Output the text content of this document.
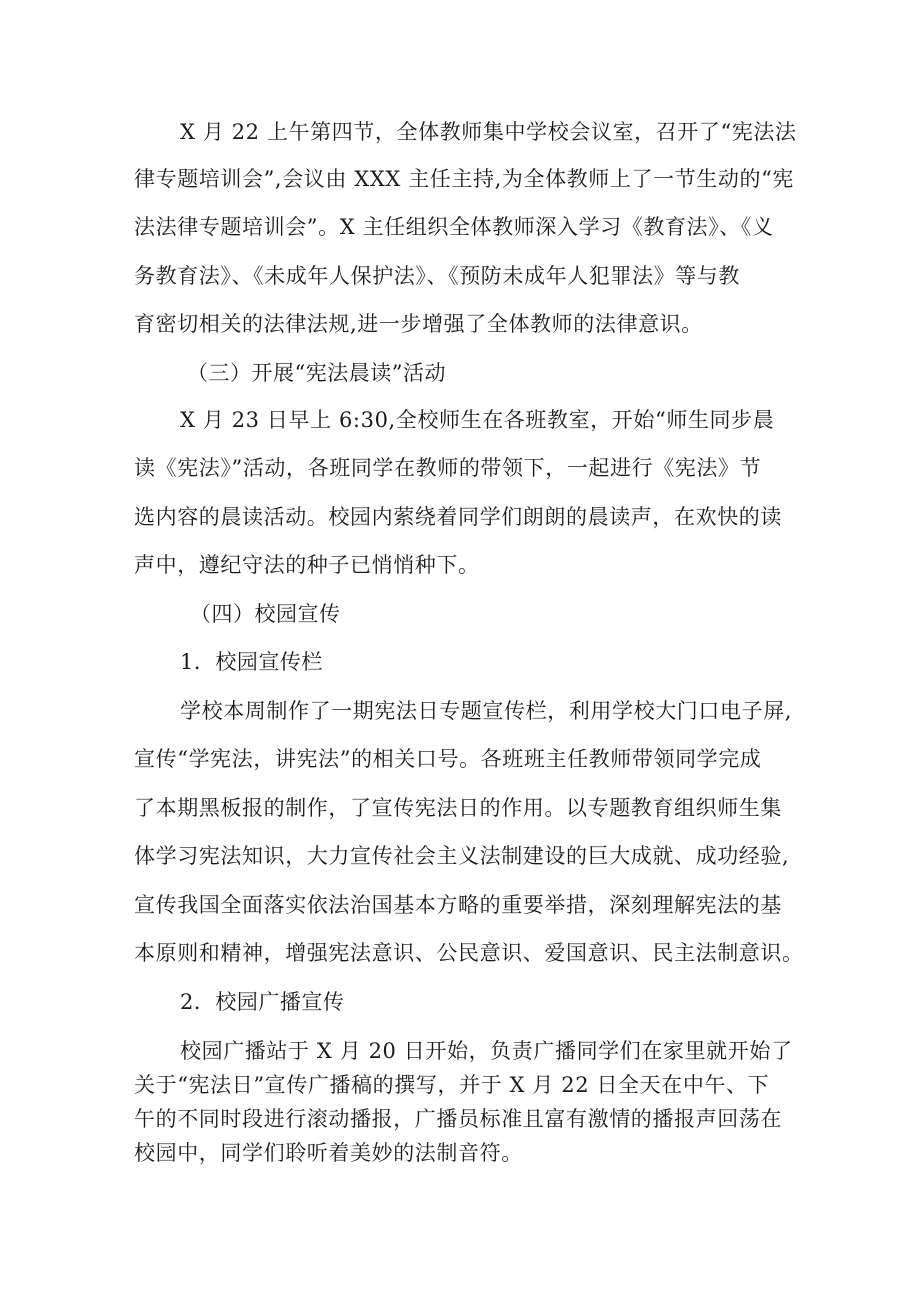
X 月 22 上午第四节，全体教师集中学校会议室，召开了“宪法法
律专题培训会”,会议由 XXX 主任主持,为全体教师上了一节生动的“宪
法法律专题培训会”。X 主任组织全体教师深入学习《教育法》、《义
务教育法》、《未成年人保护法》、《预防未成年人犯罪法》等与教
育密切相关的法律法规,进一步增强了全体教师的法律意识。
（三）开展“宪法晨读”活动
X 月 23 日早上 6:30,全校师生在各班教室，开始“师生同步晨
读《宪法》”活动，各班同学在教师的带领下，一起进行《宪法》节
选内容的晨读活动。校园内萦绕着同学们朗朗的晨读声，在欢快的读
声中，遵纪守法的种子已悄悄种下。
（四）校园宣传
1．校园宣传栏
学校本周制作了一期宪法日专题宣传栏，利用学校大门口电子屏,
宣传“学宪法，讲宪法”的相关口号。各班班主任教师带领同学完成
了本期黑板报的制作，了宣传宪法日的作用。以专题教育组织师生集
体学习宪法知识，大力宣传社会主义法制建设的巨大成就、成功经验,
宣传我国全面落实依法治国基本方略的重要举措，深刻理解宪法的基
本原则和精神，增强宪法意识、公民意识、爱国意识、民主法制意识。
2．校园广播宣传
校园广播站于 X 月 20 日开始，负责广播同学们在家里就开始了
关于“宪法日”宣传广播稿的撰写，并于 X 月 22 日全天在中午、下
午的不同时段进行滚动播报，广播员标准且富有激情的播报声回荡在
校园中，同学们聆听着美妙的法制音符。
